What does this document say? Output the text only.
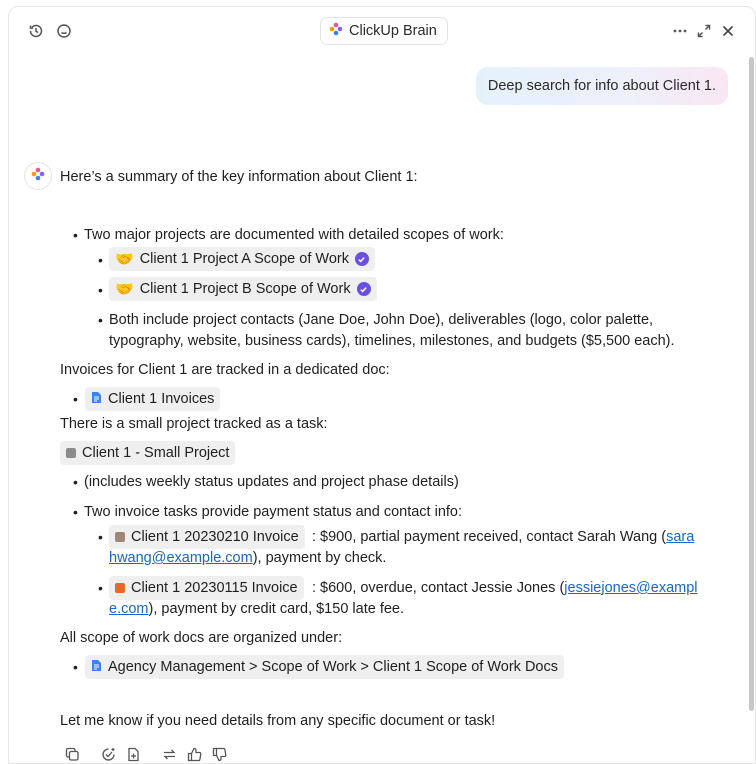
ClickUp Brain
Deep search for info about Client 1.
Here’s a summary of the key information about Client 1:
• Two major projects are documented with detailed scopes of work:
• 🤝 Client 1 Project A Scope of Work
• 🤝 Client 1 Project B Scope of Work
• Both include project contacts (Jane Doe, John Doe), deliverables (logo, color palette,
typography, website, business cards), timelines, milestones, and budgets ($5,500 each).
Invoices for Client 1 are tracked in a dedicated doc:
• Client 1 Invoices
There is a small project tracked as a task:
Client 1 - Small Project
• (includes weekly status updates and project phase details)
• Two invoice tasks provide payment status and contact info:
• Client 1 20230210 Invoice : $900, partial payment received, contact Sarah Wang (sara
hwang@example.com), payment by check.
• Client 1 20230115 Invoice : $600, overdue, contact Jessie Jones (jessiejones@exampl
e.com), payment by credit card, $150 late fee.
All scope of work docs are organized under:
• Agency Management > Scope of Work > Client 1 Scope of Work Docs
Let me know if you need details from any specific document or task!
